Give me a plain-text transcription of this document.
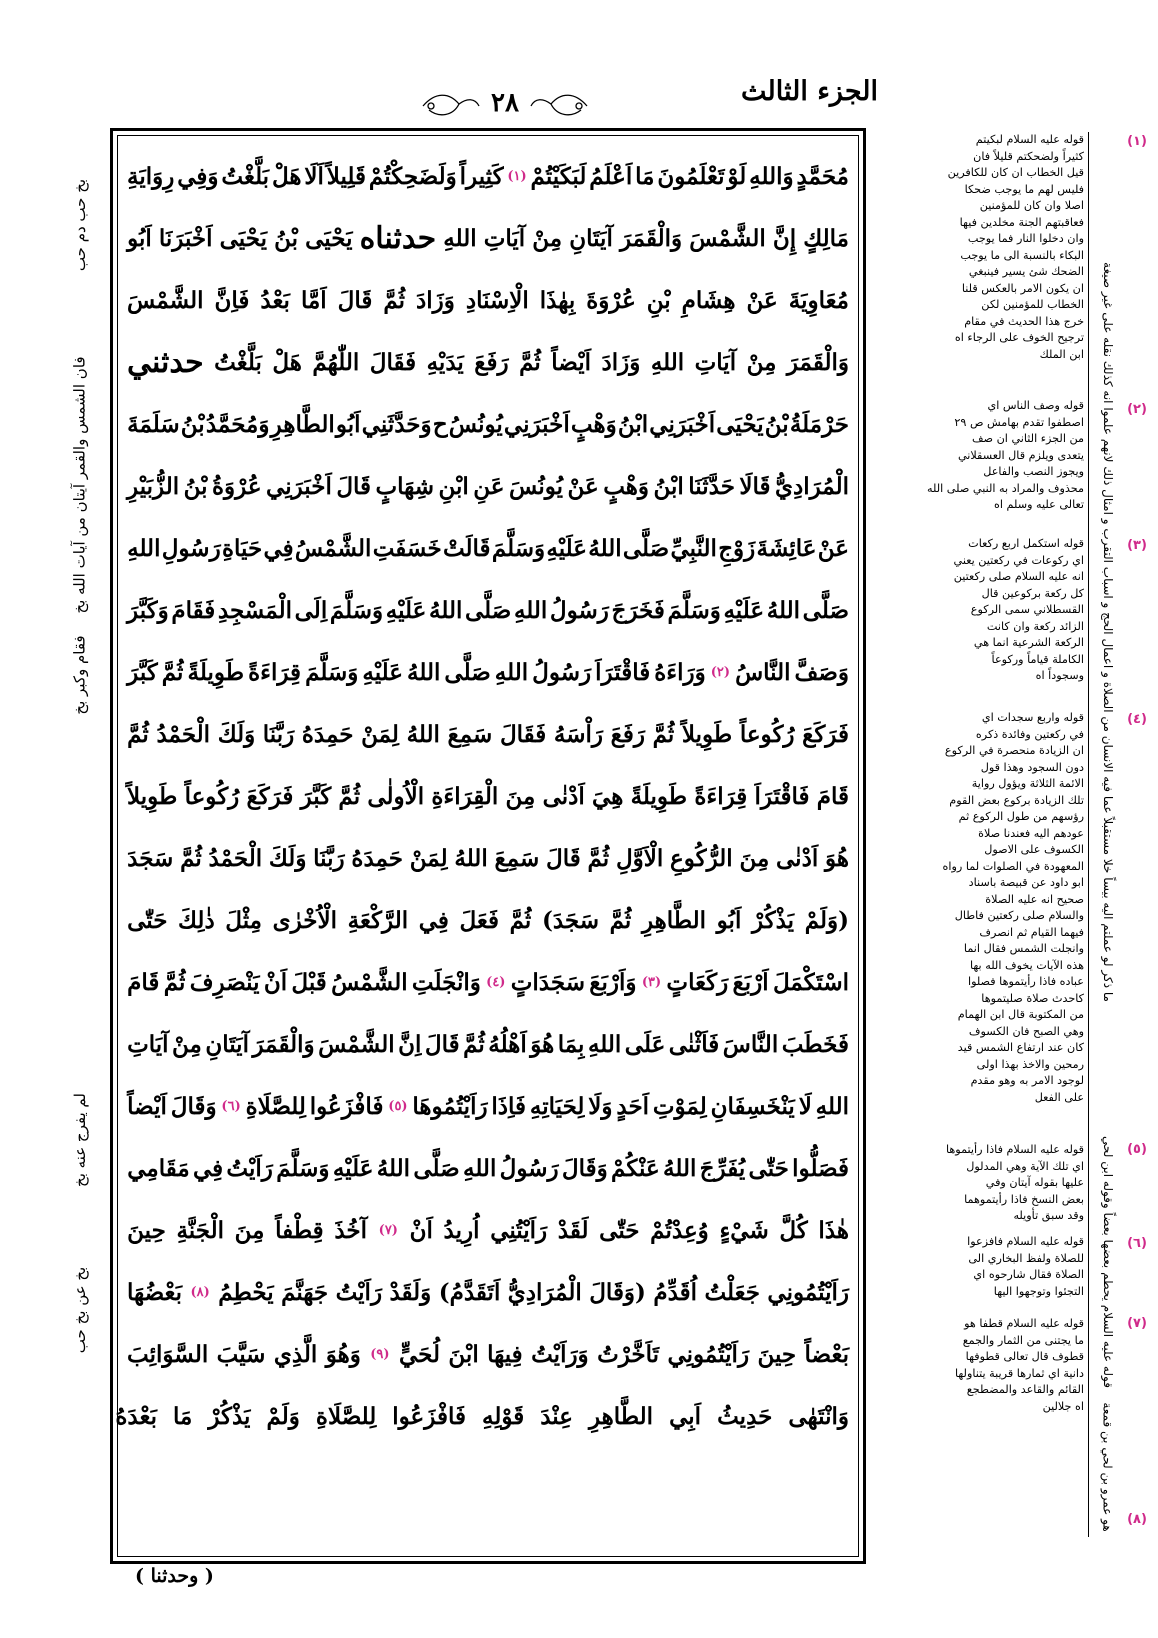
الجزء الثالث
٢٨
مُحَمَّدٍ
وَاللهِ
لَوْ
تَعْلَمُونَ
مَا
اَعْلَمُ
لَبَكَيْتُمْ
(١)
كَثِيراً
وَلَضَحِكْتُمْ
قَلِيلاً
اَلَا
هَلْ
بَلَّغْتُ
وَفِي
رِوَايَةِ
مَالِكٍ
إِنَّ
الشَّمْسَ
وَالْقَمَرَ
آيَتَانِ
مِنْ
آيَاتِ
اللهِ
حدثناه
يَحْيَى
بْنُ
يَحْيَى
اَخْبَرَنَا
اَبُو
مُعَاوِيَةَ
عَنْ
هِشَامِ
بْنِ
عُرْوَةَ
بِهٰذَا
الْاِسْنَادِ
وَزَادَ
ثُمَّ
قَالَ
اَمَّا
بَعْدُ
فَاِنَّ
الشَّمْسَ
وَالْقَمَرَ
مِنْ
آيَاتِ
اللهِ
وَزَادَ
اَيْضاً
ثُمَّ
رَفَعَ
يَدَيْهِ
فَقَالَ
اللّٰهُمَّ
هَلْ
بَلَّغْتُ
حدثني
حَرْمَلَةُ
بْنُ
يَحْيَى
اَخْبَرَنِي
ابْنُ
وَهْبٍ
اَخْبَرَنِي
يُونُسُ
ح
وَحَدَّثَنِي
اَبُو
الطَّاهِرِ
وَمُحَمَّدُ
بْنُ
سَلَمَةَ
الْمُرَادِيُّ
قَالَا
حَدَّثَنَا
ابْنُ
وَهْبٍ
عَنْ
يُونُسَ
عَنِ
ابْنِ
شِهَابٍ
قَالَ
اَخْبَرَنِي
عُرْوَةُ
بْنُ
الزُّبَيْرِ
عَنْ
عَائِشَةَ
زَوْجِ
النَّبِيِّ
صَلَّى
اللهُ
عَلَيْهِ
وَسَلَّمَ
قَالَتْ
خَسَفَتِ
الشَّمْسُ
فِي
حَيَاةِ
رَسُولِ
اللهِ
صَلَّى
اللهُ
عَلَيْهِ
وَسَلَّمَ
فَخَرَجَ
رَسُولُ
اللهِ
صَلَّى
اللهُ
عَلَيْهِ
وَسَلَّمَ
اِلَى
الْمَسْجِدِ
فَقَامَ
وَكَبَّرَ
وَصَفَّ
النَّاسُ
(٢)
وَرَاءَهُ
فَاقْتَرَاَ
رَسُولُ
اللهِ
صَلَّى
اللهُ
عَلَيْهِ
وَسَلَّمَ
قِرَاءَةً
طَوِيلَةً
ثُمَّ
كَبَّرَ
فَرَكَعَ
رُكُوعاً
طَوِيلاً
ثُمَّ
رَفَعَ
رَاْسَهُ
فَقَالَ
سَمِعَ
اللهُ
لِمَنْ
حَمِدَهُ
رَبَّنَا
وَلَكَ
الْحَمْدُ
ثُمَّ
قَامَ
فَاقْتَرَاَ
قِرَاءَةً
طَوِيلَةً
هِيَ
اَدْنٰى
مِنَ
الْقِرَاءَةِ
الْاُولٰى
ثُمَّ
كَبَّرَ
فَرَكَعَ
رُكُوعاً
طَوِيلاً
هُوَ
اَدْنٰى
مِنَ
الرُّكُوعِ
الْاَوَّلِ
ثُمَّ
قَالَ
سَمِعَ
اللهُ
لِمَنْ
حَمِدَهُ
رَبَّنَا
وَلَكَ
الْحَمْدُ
ثُمَّ
سَجَدَ
(وَلَمْ
يَذْكُرْ
اَبُو
الطَّاهِرِ
ثُمَّ
سَجَدَ)
ثُمَّ
فَعَلَ
فِي
الرَّكْعَةِ
الْاُخْرٰى
مِثْلَ
ذٰلِكَ
حَتّٰى
اسْتَكْمَلَ
اَرْبَعَ
رَكَعَاتٍ
(٣)
وَاَرْبَعَ
سَجَدَاتٍ
(٤)
وَانْجَلَتِ
الشَّمْسُ
قَبْلَ
اَنْ
يَنْصَرِفَ
ثُمَّ
قَامَ
فَخَطَبَ
النَّاسَ
فَاَثْنٰى
عَلَى
اللهِ
بِمَا
هُوَ
اَهْلُهُ
ثُمَّ
قَالَ
اِنَّ
الشَّمْسَ
وَالْقَمَرَ
آيَتَانِ
مِنْ
آيَاتِ
اللهِ
لَا
يَنْخَسِفَانِ
لِمَوْتِ
اَحَدٍ
وَلَا
لِحَيَاتِهِ
فَاِذَا
رَاَيْتُمُوهَا
(٥)
فَافْزَعُوا
لِلصَّلَاةِ
(٦)
وَقَالَ
اَيْضاً
فَصَلُّوا
حَتّٰى
يُفَرِّجَ
اللهُ
عَنْكُمْ
وَقَالَ
رَسُولُ
اللهِ
صَلَّى
اللهُ
عَلَيْهِ
وَسَلَّمَ
رَاَيْتُ
فِي
مَقَامِي
هٰذَا
كُلَّ
شَيْءٍ
وُعِدْتُمْ
حَتّٰى
لَقَدْ
رَاَيْتُنِي
اُرِيدُ
اَنْ
(٧)
آخُذَ
قِطْفاً
مِنَ
الْجَنَّةِ
حِينَ
رَاَيْتُمُونِي
جَعَلْتُ
اُقَدِّمُ
(وَقَالَ
الْمُرَادِيُّ
اَتَقَدَّمُ)
وَلَقَدْ
رَاَيْتُ
جَهَنَّمَ
يَحْطِمُ
(٨)
بَعْضُهَا
بَعْضاً
حِينَ
رَاَيْتُمُونِي
تَاَخَّرْتُ
وَرَاَيْتُ
فِيهَا
ابْنَ
لُحَيٍّ
(٩)
وَهُوَ
الَّذِي
سَيَّبَ
السَّوَائِبَ
وَانْتَهٰى

حَدِيثُ

اَبِي

الطَّاهِرِ

عِنْدَ

قَوْلِهِ

فَافْزَعُوا

لِلصَّلَاةِ

وَلَمْ

يَذْكُرْ

مَا

بَعْدَهُ
بخ حب دم حب
فان الشمس والقمر آيتان من آيات الله بخ
فقام وكبر بخ
لم يفرج عنه بخ
بخ عن بخ حب
قوله عليه السلام لبكيتم
كثيراً ولضحكتم قليلاً فان
قيل الخطاب ان كان للكافرين
فليس لهم ما يوجب ضحكا
اصلا وان كان للمؤمنين
فعاقبتهم الجنة مخلدين فيها
وان دخلوا النار فما يوجب
البكاء بالنسبة الى ما يوجب
الضحك شئ يسير فينبغي
ان يكون الامر بالعكس قلنا
الخطاب للمؤمنين لكن
خرج هذا الحديث في مقام
ترجيح الخوف على الرجاء اه
ابن الملك
قوله وصف الناس اي
اصطفوا تقدم بهامش ص ٢٩
من الجزء الثاني ان صف
يتعدى ويلزم قال العسقلاني
ويجوز النصب والفاعل
محذوف والمراد به النبي صلى الله
تعالى عليه وسلم اه
قوله استكمل اربع ركعات
اي ركوعات في ركعتين يعني
انه عليه السلام صلى ركعتين
كل ركعة بركوعين قال
القسطلاني سمى الركوع
الزائد ركعة وان كانت
الركعة الشرعية انما هي
الكاملة قياماً وركوعاً
وسجوداً اه
قوله واربع سجدات اي
في ركعتين وفائدة ذكره
ان الزيادة منحصرة في الركوع
دون السجود وهذا قول
الائمة الثلاثة ويؤول رواية
تلك الزيادة بركوع بعض القوم
رؤسهم من طول الركوع ثم
عودهم اليه فعندنا صلاة
الكسوف على الاصول
المعهودة في الصلوات لما رواه
ابو داود عن قبيصة باسناد
صحيح انه عليه الصلاة
والسلام صلى ركعتين فاطال
فيهما القيام ثم انصرف
وانجلت الشمس فقال انما
هذه الآيات يخوف الله بها
عباده فاذا رأيتموها فصلوا
كاحدث صلاة صليتموها
من المكتوبة قال ابن الهمام
وهي الصبح فان الكسوف
كان عند ارتفاع الشمس قيد
رمحين والاخذ بهذا اولى
لوجود الامر به وهو مقدم
على الفعل
قوله عليه السلام فاذا رأيتموها
اي تلك الآية وهي المدلول
عليها بقوله آيتان وفي
بعض النسخ فاذا رأيتموهما
وقد سبق تأويله
قوله عليه السلام فافزعوا
للصلاة ولفظ البخاري الى
الصلاة فقال شارحوه اي
التجئوا وتوجهوا اليها
قوله عليه السلام قطفا هو
ما يجتنى من الثمار والجمع
قطوف قال تعالى قطوفها
دانية اي ثمارها قريبة يتناولها
القائم والقاعد والمضطجع
اه جلالين
(١)
(٢)
(٣)
(٤)
(٥)
(٦)
(٧)
(٨)
ما ذكر لو عملتم اليه بيساً خلا مستقبلاً عما فيه الانسان من الصلاة و اعمال الحج و اسباب التقرب و امثال ذلك لانهم علموا انه كذلك نقله على غير صيغة
قوله عليه السلام يحطم بعضها بعضاً وقوله ابن لحي
هو عمرو بن لحي بن قمعة
( وحدثنا )
